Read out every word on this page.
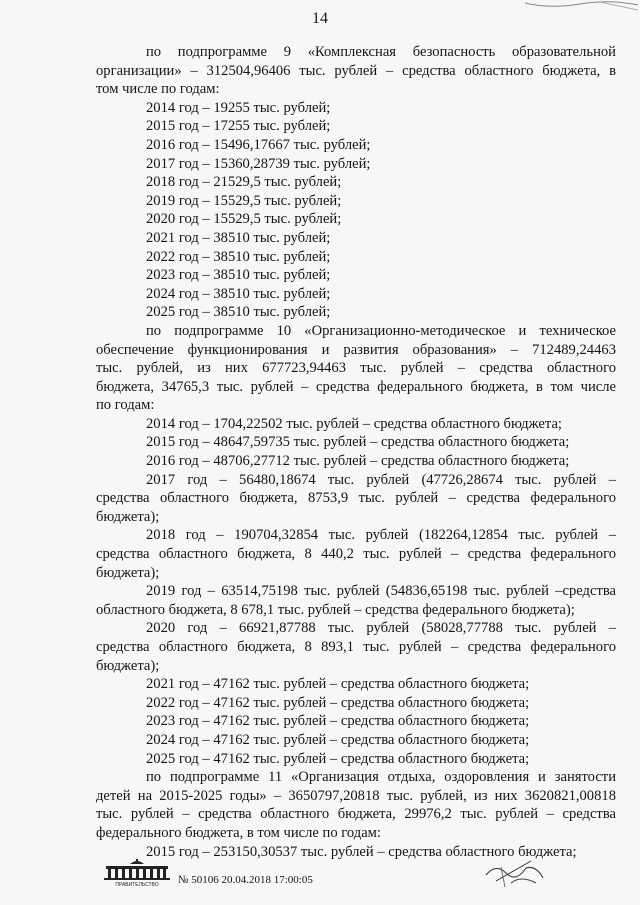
14
по подпрограмме 9 «Комплексная безопасность образовательной
организации» – 312504,96406 тыс. рублей – средства областного бюджета, в
том числе по годам:
2014 год – 19255 тыс. рублей;
2015 год – 17255 тыс. рублей;
2016 год – 15496,17667 тыс. рублей;
2017 год – 15360,28739 тыс. рублей;
2018 год – 21529,5 тыс. рублей;
2019 год – 15529,5 тыс. рублей;
2020 год – 15529,5 тыс. рублей;
2021 год – 38510 тыс. рублей;
2022 год – 38510 тыс. рублей;
2023 год – 38510 тыс. рублей;
2024 год – 38510 тыс. рублей;
2025 год – 38510 тыс. рублей;
по подпрограмме 10 «Организационно-методическое и техническое
обеспечение функционирования и развития образования» – 712489,24463
тыс. рублей, из них 677723,94463 тыс. рублей – средства областного
бюджета, 34765,3 тыс. рублей – средства федерального бюджета, в том числе
по годам:
2014 год – 1704,22502 тыс. рублей – средства областного бюджета;
2015 год – 48647,59735 тыс. рублей – средства областного бюджета;
2016 год – 48706,27712 тыс. рублей – средства областного бюджета;
2017 год – 56480,18674 тыс. рублей (47726,28674 тыс. рублей –
средства областного бюджета, 8753,9 тыс. рублей – средства федерального
бюджета);
2018 год – 190704,32854 тыс. рублей (182264,12854 тыс. рублей –
средства областного бюджета, 8 440,2 тыс. рублей – средства федерального
бюджета);
2019 год – 63514,75198 тыс. рублей (54836,65198 тыс. рублей –средства
областного бюджета, 8 678,1 тыс. рублей – средства федерального бюджета);
2020 год – 66921,87788 тыс. рублей (58028,77788 тыс. рублей –
средства областного бюджета, 8 893,1 тыс. рублей – средства федерального
бюджета);
2021 год – 47162 тыс. рублей – средства областного бюджета;
2022 год – 47162 тыс. рублей – средства областного бюджета;
2023 год – 47162 тыс. рублей – средства областного бюджета;
2024 год – 47162 тыс. рублей – средства областного бюджета;
2025 год – 47162 тыс. рублей – средства областного бюджета;
по подпрограмме 11 «Организация отдыха, оздоровления и занятости
детей на 2015-2025 годы» – 3650797,20818 тыс. рублей, из них 3620821,00818
тыс. рублей – средства областного бюджета, 29976,2 тыс. рублей – средства
федерального бюджета, в том числе по годам:
2015 год – 253150,30537 тыс. рублей – средства областного бюджета;
ПРАВИТЕЛЬСТВО № 50106 20.04.2018 17:00:05
